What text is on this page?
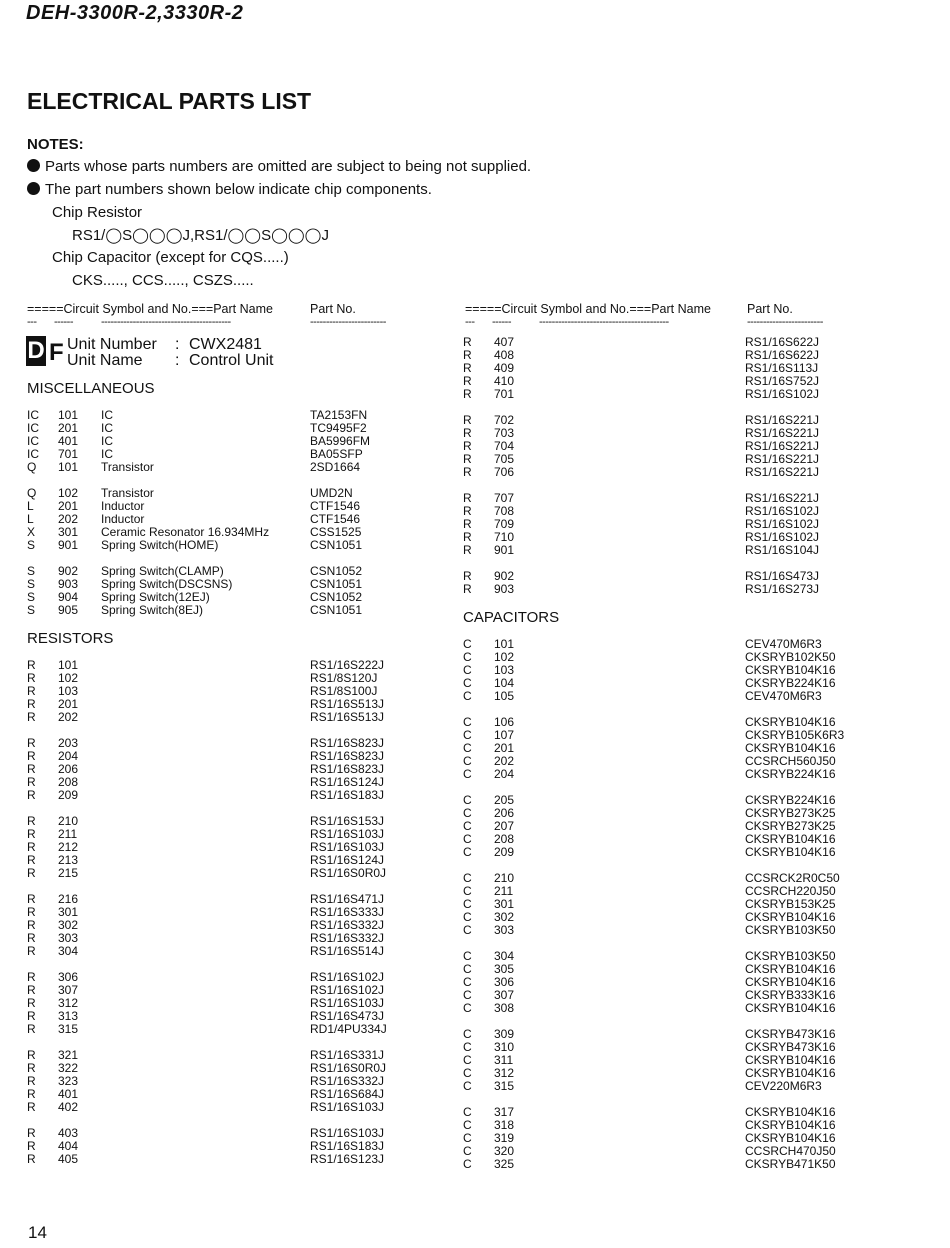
DEH-3300R-2,3330R-2
ELECTRICAL PARTS LIST
NOTES:
Parts whose parts numbers are omitted are subject to being not supplied.
The part numbers shown below indicate chip components.
Chip Resistor
RS1/◯S◯◯◯J,RS1/◯◯S◯◯◯J
Chip Capacitor (except for CQS.....)
CKS....., CCS....., CSZS.....
=====Circuit Symbol and No.===Part Name	Part No.
--- ------	-----------------------------------------	------------------------
=====Circuit Symbol and No.===Part Name	Part No.
--- ------	-----------------------------------------	------------------------
D F Unit Number : CWX2481
Unit Name : Control Unit
MISCELLANEOUS
RESISTORS
CAPACITORS
IC 101 IC	TA2153FN
IC 201 IC	TC9495F2
IC 401 IC	BA5996FM
IC 701 IC	BA05SFP
Q 101 Transistor	2SD1664
Q 102 Transistor	UMD2N
L 201 Inductor	CTF1546
L 202 Inductor	CTF1546
X 301 Ceramic Resonator 16.934MHz	CSS1525
S 901 Spring Switch(HOME)	CSN1051
S 902 Spring Switch(CLAMP)	CSN1052
S 903 Spring Switch(DSCSNS)	CSN1051
S 904 Spring Switch(12EJ)	CSN1052
S 905 Spring Switch(8EJ)	CSN1051
R 101	RS1/16S222J
R 102	RS1/8S120J
R 103	RS1/8S100J
R 201	RS1/16S513J
R 202	RS1/16S513J
R 203	RS1/16S823J
R 204	RS1/16S823J
R 206	RS1/16S823J
R 208	RS1/16S124J
R 209	RS1/16S183J
R 210	RS1/16S153J
R 211	RS1/16S103J
R 212	RS1/16S103J
R 213	RS1/16S124J
R 215	RS1/16S0R0J
R 216	RS1/16S471J
R 301	RS1/16S333J
R 302	RS1/16S332J
R 303	RS1/16S332J
R 304	RS1/16S514J
R 306	RS1/16S102J
R 307	RS1/16S102J
R 312	RS1/16S103J
R 313	RS1/16S473J
R 315	RD1/4PU334J
R 321	RS1/16S331J
R 322	RS1/16S0R0J
R 323	RS1/16S332J
R 401	RS1/16S684J
R 402	RS1/16S103J
R 403	RS1/16S103J
R 404	RS1/16S183J
R 405	RS1/16S123J
R 407	RS1/16S622J
R 408	RS1/16S622J
R 409	RS1/16S113J
R 410	RS1/16S752J
R 701	RS1/16S102J
R 702	RS1/16S221J
R 703	RS1/16S221J
R 704	RS1/16S221J
R 705	RS1/16S221J
R 706	RS1/16S221J
R 707	RS1/16S221J
R 708	RS1/16S102J
R 709	RS1/16S102J
R 710	RS1/16S102J
R 901	RS1/16S104J
R 902	RS1/16S473J
R 903	RS1/16S273J
C 101	CEV470M6R3
C 102	CKSRYB102K50
C 103	CKSRYB104K16
C 104	CKSRYB224K16
C 105	CEV470M6R3
C 106	CKSRYB104K16
C 107	CKSRYB105K6R3
C 201	CKSRYB104K16
C 202	CCSRCH560J50
C 204	CKSRYB224K16
C 205	CKSRYB224K16
C 206	CKSRYB273K25
C 207	CKSRYB273K25
C 208	CKSRYB104K16
C 209	CKSRYB104K16
C 210	CCSRCK2R0C50
C 211	CCSRCH220J50
C 301	CKSRYB153K25
C 302	CKSRYB104K16
C 303	CKSRYB103K50
C 304	CKSRYB103K50
C 305	CKSRYB104K16
C 306	CKSRYB104K16
C 307	CKSRYB333K16
C 308	CKSRYB104K16
C 309	CKSRYB473K16
C 310	CKSRYB473K16
C 311	CKSRYB104K16
C 312	CKSRYB104K16
C 315	CEV220M6R3
C 317	CKSRYB104K16
C 318	CKSRYB104K16
C 319	CKSRYB104K16
C 320	CCSRCH470J50
C 325	CKSRYB471K50
14
